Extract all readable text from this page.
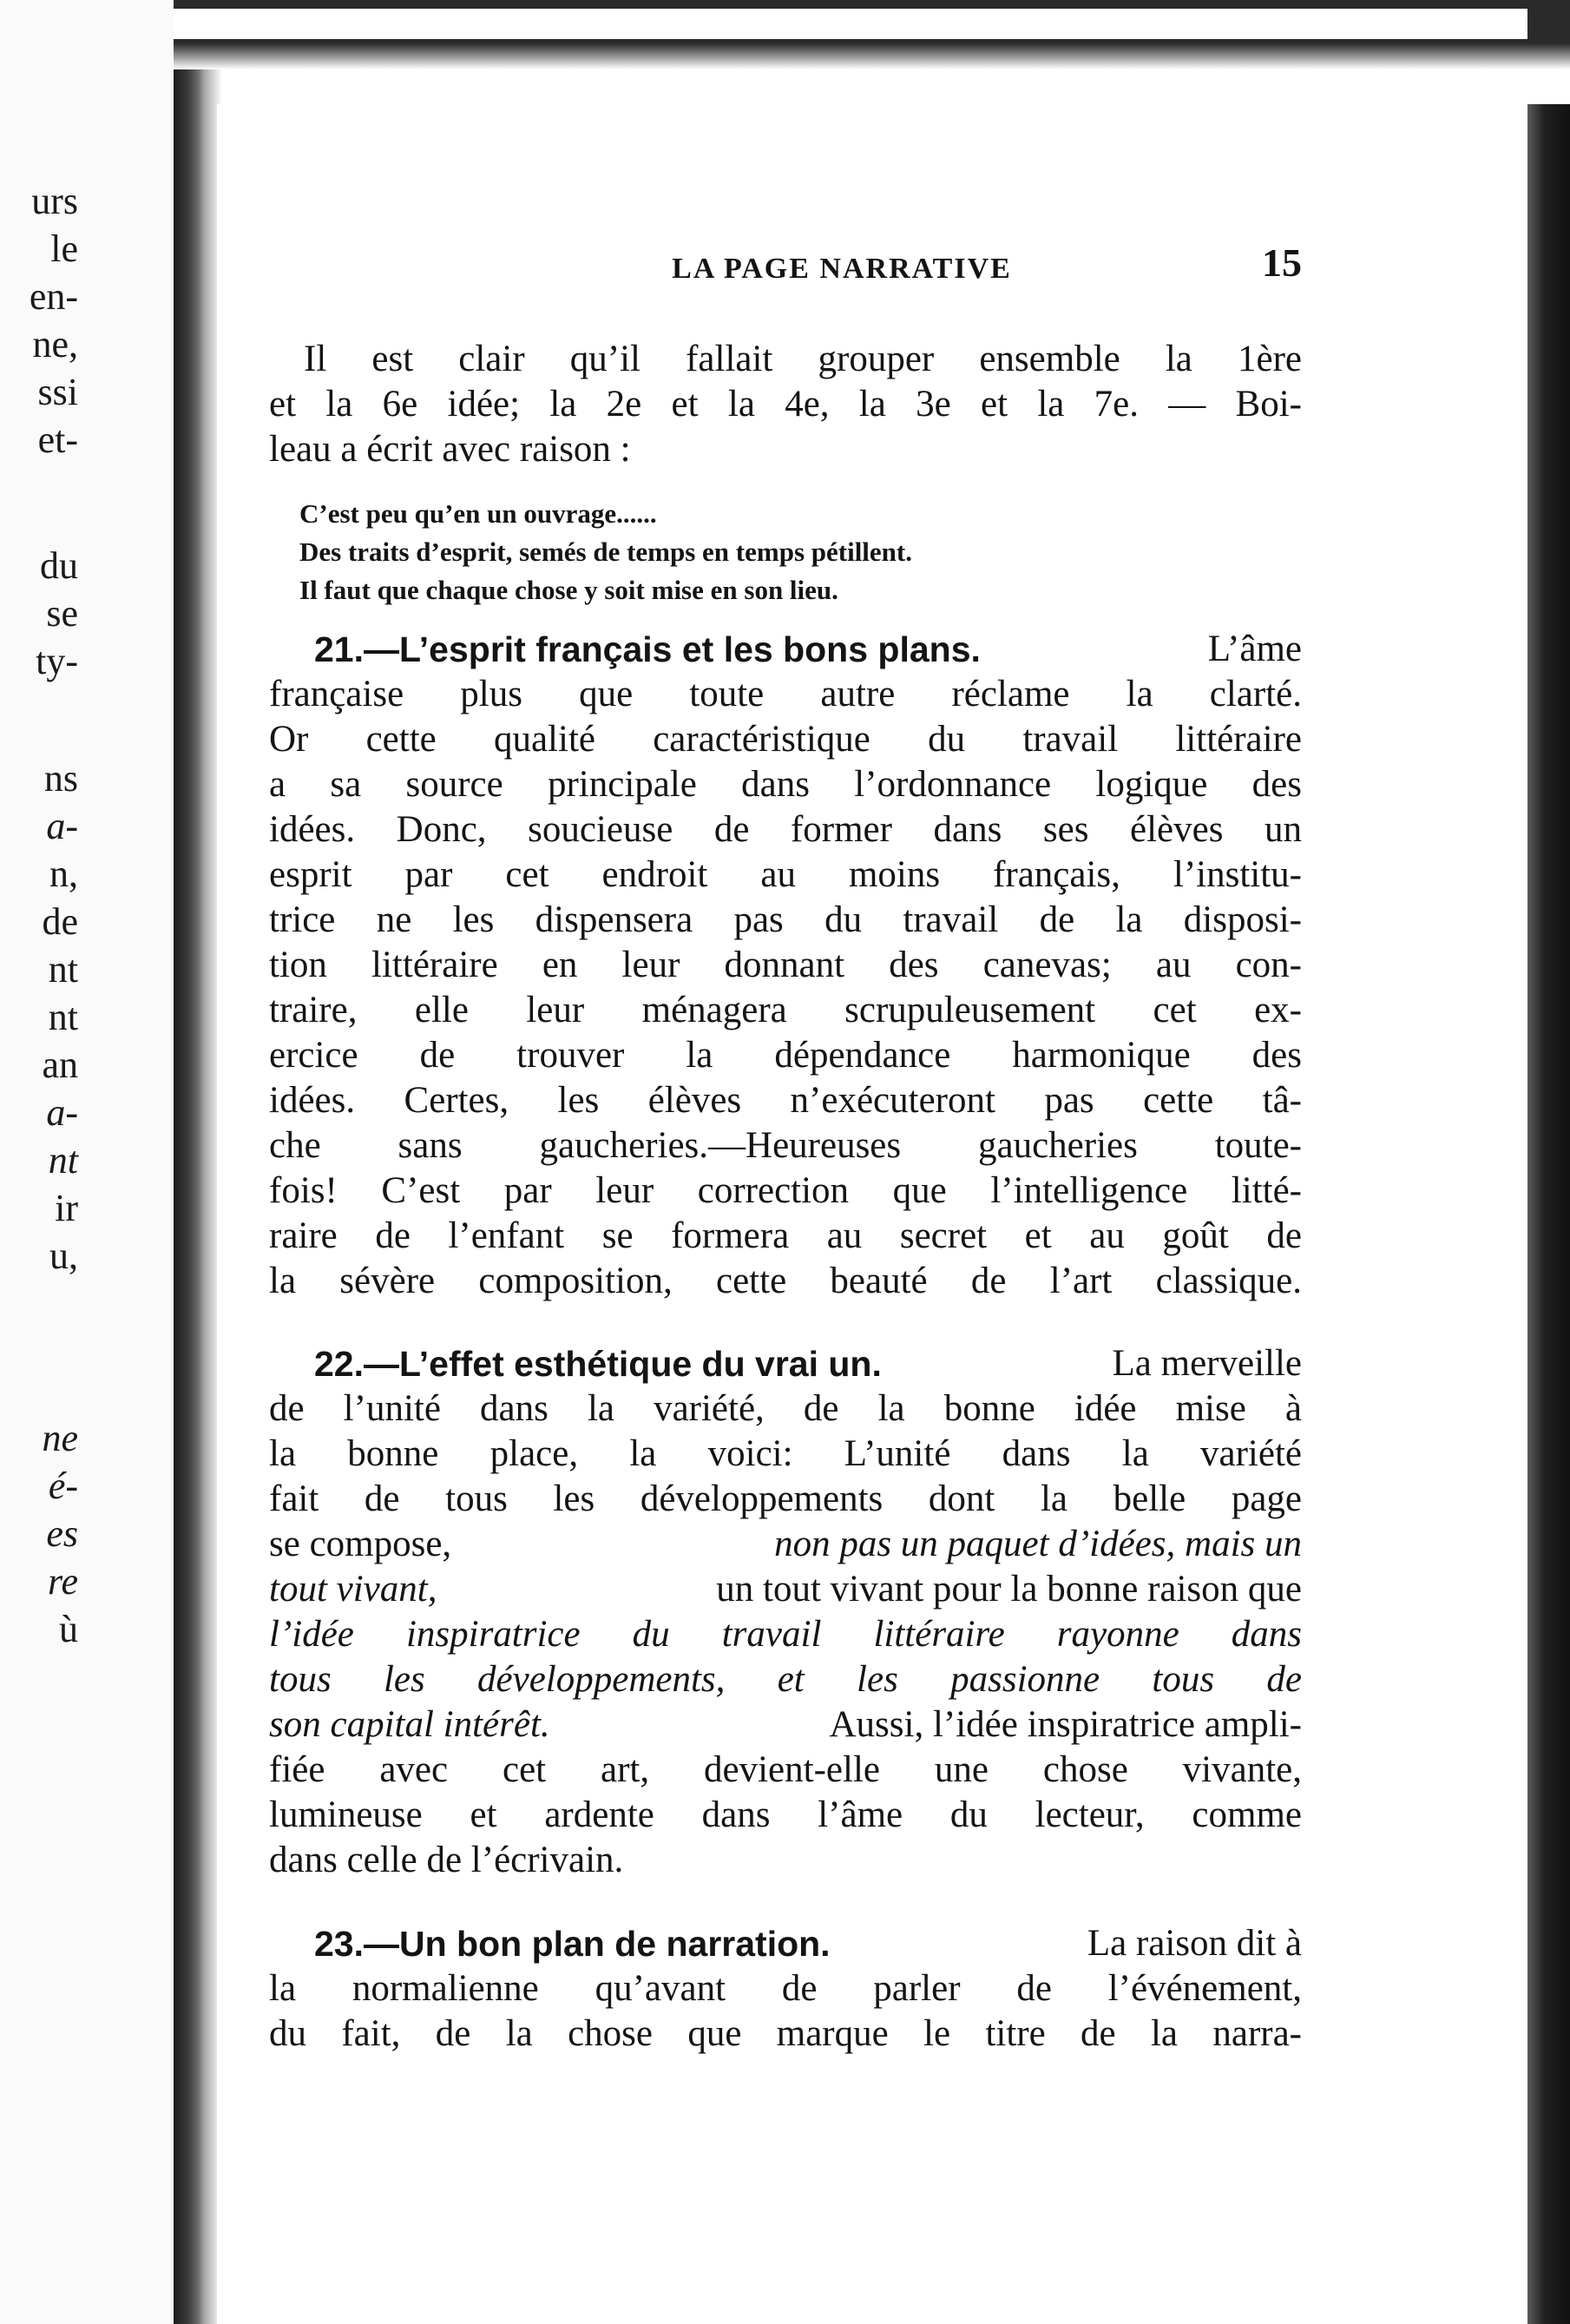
urs
le
en-
ne,
ssi
et-
du
se
ty-
ns
a-
n,
de
nt
nt
an
a-
nt
ir
u,
ne
é-
es
re
ù
LA PAGE NARRATIVE	15
Il est clair qu’il fallait grouper ensemble la 1ère
et la 6e idée; la 2e et la 4e, la 3e et la 7e. — Boi-
leau a écrit avec raison :
C’est peu qu’en un ouvrage......
Des traits d’esprit, semés de temps en temps pétillent.
Il faut que chaque chose y soit mise en son lieu.
21.—L’esprit français et les bons plans.	L’âme
française plus que toute autre réclame la clarté.
Or cette qualité caractéristique du travail littéraire
a sa source principale dans l’ordonnance logique des
idées. Donc, soucieuse de former dans ses élèves un
esprit par cet endroit au moins français, l’institu-
trice ne les dispensera pas du travail de la disposi-
tion littéraire en leur donnant des canevas; au con-
traire, elle leur ménagera scrupuleusement cet ex-
ercice de trouver la dépendance harmonique des
idées. Certes, les élèves n’exécuteront pas cette tâ-
che sans gaucheries.—Heureuses gaucheries toute-
fois! C’est par leur correction que l’intelligence litté-
raire de l’enfant se formera au secret et au goût de
la sévère composition, cette beauté de l’art classique.
22.—L’effet esthétique du vrai un.	La merveille
de l’unité dans la variété, de la bonne idée mise à
la bonne place, la voici: L’unité dans la variété
fait de tous les développements dont la belle page
se compose,	non pas un paquet d’idées, mais un
tout vivant,	un tout vivant pour la bonne raison que
l’idée inspiratrice du travail littéraire rayonne dans
tous les développements, et les passionne tous de
son capital intérêt.	Aussi, l’idée inspiratrice ampli-
fiée avec cet art, devient-elle une chose vivante,
lumineuse et ardente dans l’âme du lecteur, comme
dans celle de l’écrivain.
23.—Un bon plan de narration.	La raison dit à
la normalienne qu’avant de parler de l’événement,
du fait, de la chose que marque le titre de la narra-
